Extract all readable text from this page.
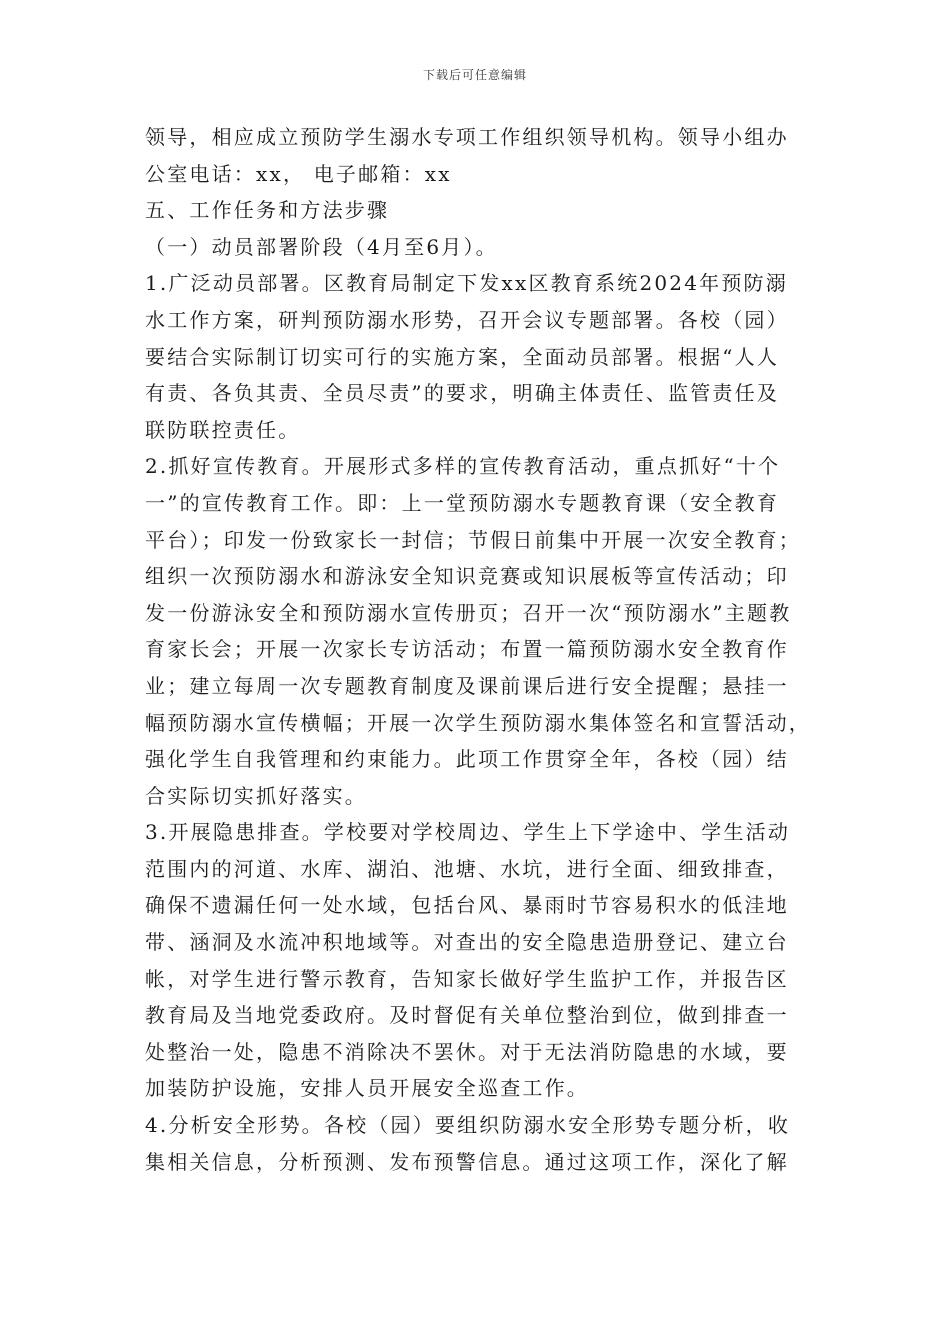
下载后可任意编辑
领导，相应成立预防学生溺水专项工作组织领导机构。领导小组办
公室电话：xx， 电子邮箱：xx
五、工作任务和方法步骤
（一）动员部署阶段（4月至6月）。
1.广泛动员部署。区教育局制定下发xx区教育系统2024年预防溺
水工作方案，研判预防溺水形势，召开会议专题部署。各校（园）
要结合实际制订切实可行的实施方案，全面动员部署。根据“人人
有责、各负其责、全员尽责”的要求，明确主体责任、监管责任及
联防联控责任。
2.抓好宣传教育。开展形式多样的宣传教育活动，重点抓好“十个
一”的宣传教育工作。即：上一堂预防溺水专题教育课（安全教育
平台）；印发一份致家长一封信；节假日前集中开展一次安全教育；
组织一次预防溺水和游泳安全知识竞赛或知识展板等宣传活动；印
发一份游泳安全和预防溺水宣传册页；召开一次“预防溺水”主题教
育家长会；开展一次家长专访活动；布置一篇预防溺水安全教育作
业；建立每周一次专题教育制度及课前课后进行安全提醒；悬挂一
幅预防溺水宣传横幅；开展一次学生预防溺水集体签名和宣誓活动，
强化学生自我管理和约束能力。此项工作贯穿全年，各校（园）结
合实际切实抓好落实。
3.开展隐患排查。学校要对学校周边、学生上下学途中、学生活动
范围内的河道、水库、湖泊、池塘、水坑，进行全面、细致排查，
确保不遗漏任何一处水域，包括台风、暴雨时节容易积水的低洼地
带、涵洞及水流冲积地域等。对查出的安全隐患造册登记、建立台
帐，对学生进行警示教育，告知家长做好学生监护工作，并报告区
教育局及当地党委政府。及时督促有关单位整治到位，做到排查一
处整治一处，隐患不消除决不罢休。对于无法消防隐患的水域，要
加装防护设施，安排人员开展安全巡查工作。
4.分析安全形势。各校（园）要组织防溺水安全形势专题分析，收
集相关信息，分析预测、发布预警信息。通过这项工作，深化了解
